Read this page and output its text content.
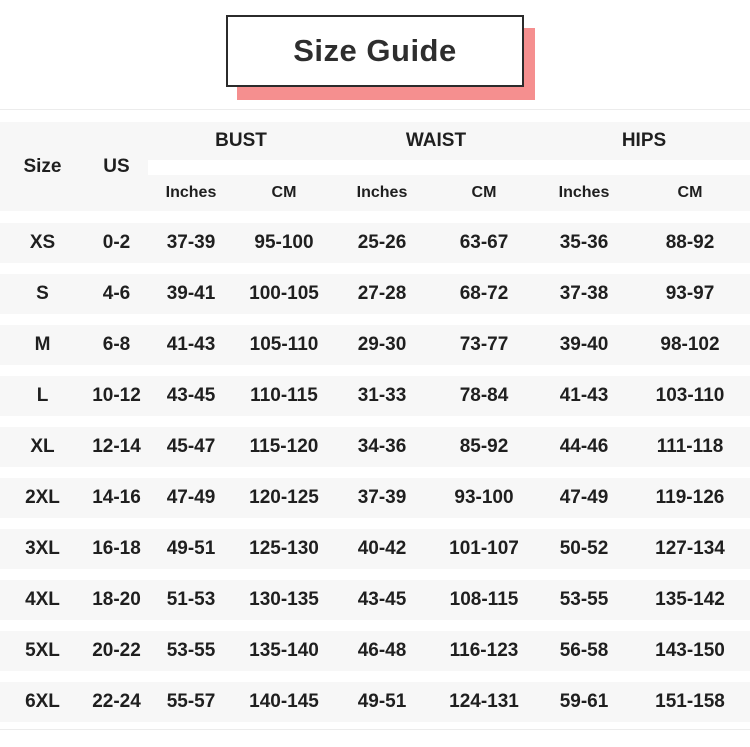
Size Guide
Size	US
BUST	WAIST	HIPS
Inches	CM	Inches	CM	Inches	CM
XS	0-2	37-39	95-100	25-26	63-67	35-36	88-92
S	4-6	39-41	100-105	27-28	68-72	37-38	93-97
M	6-8	41-43	105-110	29-30	73-77	39-40	98-102
L	10-12	43-45	110-115	31-33	78-84	41-43	103-110
XL	12-14	45-47	115-120	34-36	85-92	44-46	111-118
2XL	14-16	47-49	120-125	37-39	93-100	47-49	119-126
3XL	16-18	49-51	125-130	40-42	101-107	50-52	127-134
4XL	18-20	51-53	130-135	43-45	108-115	53-55	135-142
5XL	20-22	53-55	135-140	46-48	116-123	56-58	143-150
6XL	22-24	55-57	140-145	49-51	124-131	59-61	151-158
